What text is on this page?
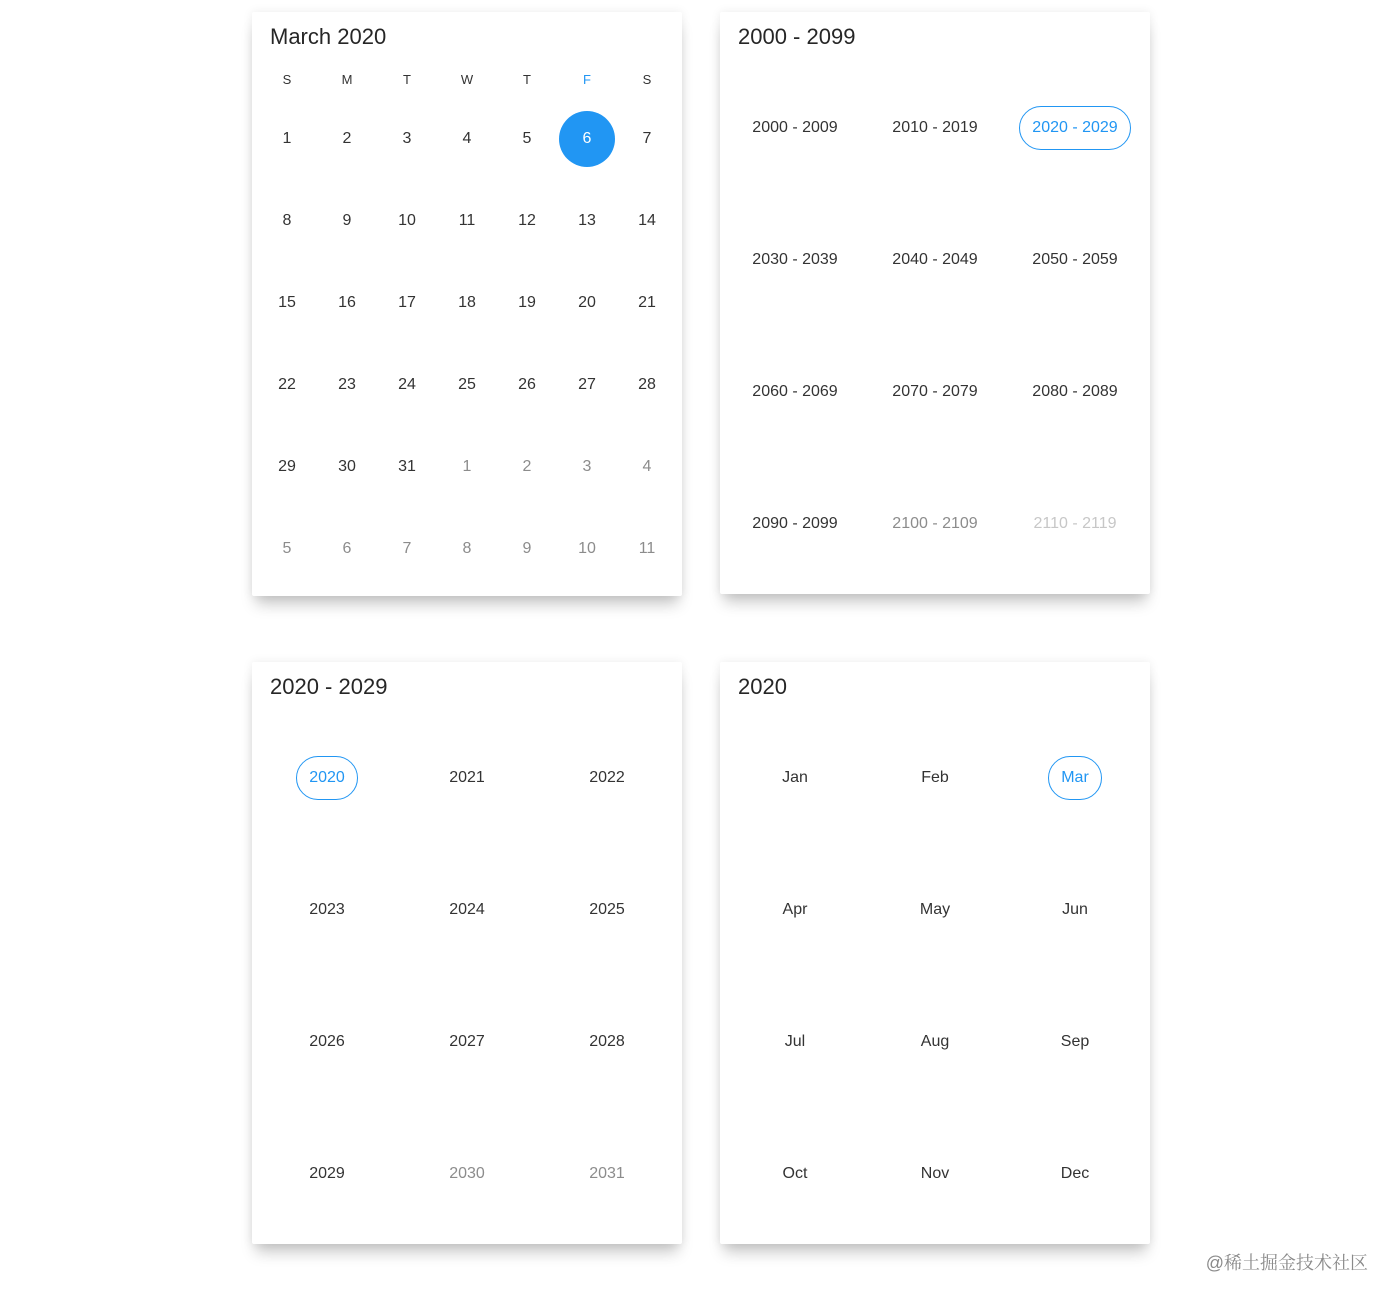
March 2020
S	M	T	W	T	F	S
1	2	3	4	5	6	7
8	9	10	11	12	13	14
15	16	17	18	19	20	21
22	23	24	25	26	27	28
29	30	31	1	2	3	4
5	6	7	8	9	10	11
2000 - 2099
2000 - 2009	2010 - 2019	2020 - 2029
2030 - 2039	2040 - 2049	2050 - 2059
2060 - 2069	2070 - 2079	2080 - 2089
2090 - 2099	2100 - 2109	2110 - 2119
2020 - 2029
2020	2021	2022
2023	2024	2025
2026	2027	2028
2029	2030	2031
2020
Jan	Feb	Mar
Apr	May	Jun
Jul	Aug	Sep
Oct	Nov	Dec
@稀土掘金技术社区
